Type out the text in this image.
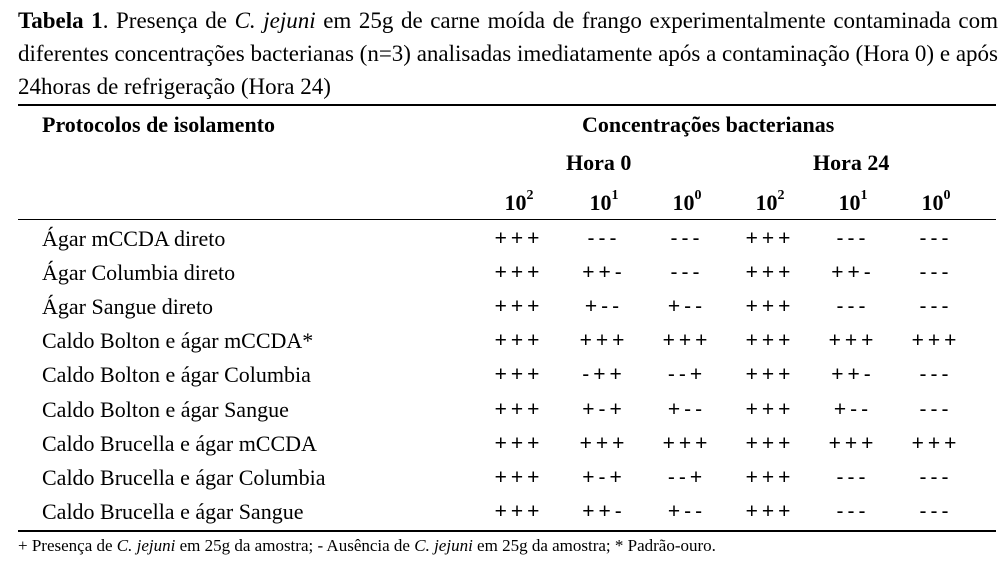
Tabela 1. Presença de C. jejuni em 25g de carne moída de frango experimentalmente contaminada com diferentes concentrações bacterianas (n=3) analisadas imediatamente após a contaminação (Hora 0) e após 24horas de refrigeração (Hora 24)
Protocolos de isolamento	Concentrações bacterianas
Hora 0	Hora 24
$10^2$	$10^1$	$10^0$	$10^2$	$10^1$	$10^0$
Ágar mCCDA direto	+++	---	---	+++	---	---
Ágar Columbia direto	+++	++-	---	+++	++-	---
Ágar Sangue direto	+++	+--	+--	+++	---	---
Caldo Bolton e ágar mCCDA*	+++	+++	+++	+++	+++	+++
Caldo Bolton e ágar Columbia	+++	-++	--+	+++	++-	---
Caldo Bolton e ágar Sangue	+++	+-+	+--	+++	+--	---
Caldo Brucella e ágar mCCDA	+++	+++	+++	+++	+++	+++
Caldo Brucella e ágar Columbia	+++	+-+	--+	+++	---	---
Caldo Brucella e ágar Sangue	+++	++-	+--	+++	---	---
+ Presença de C. jejuni em 25g da amostra; - Ausência de C. jejuni em 25g da amostra; * Padrão-ouro.
